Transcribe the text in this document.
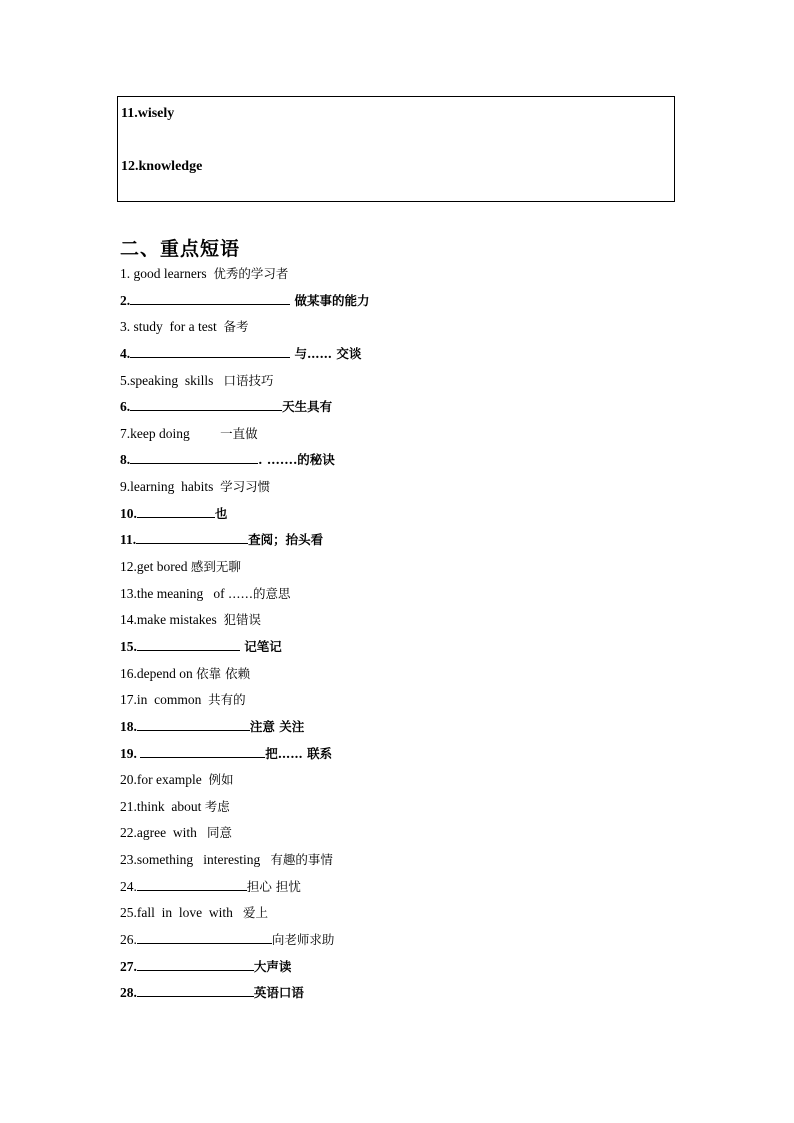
11.wisely
12.knowledge
二、重点短语
1. good learners  优秀的学习者
2.	做某事的能力
3. study  for a test  备考
4.	与…… 交谈
5.speaking  skills   口语技巧
6.	天生具有
7.keep doing         一直做
8.	. .......的秘诀
9.learning  habits  学习习惯
10.	也
11.	查阅；抬头看
12.get bored 感到无聊
13.the meaning   of ……的意思
14.make mistakes  犯错误
15.	记笔记
16.depend on 依靠 依赖
17.in  common  共有的
18.	注意 关注
19.	把…… 联系
20.for example  例如
21.think  about 考虑
22.agree  with   同意
23.something   interesting   有趣的事情
24.	担心 担忧
25.fall  in  love  with   爱上
26.	向老师求助
27.	大声读
28.	英语口语
